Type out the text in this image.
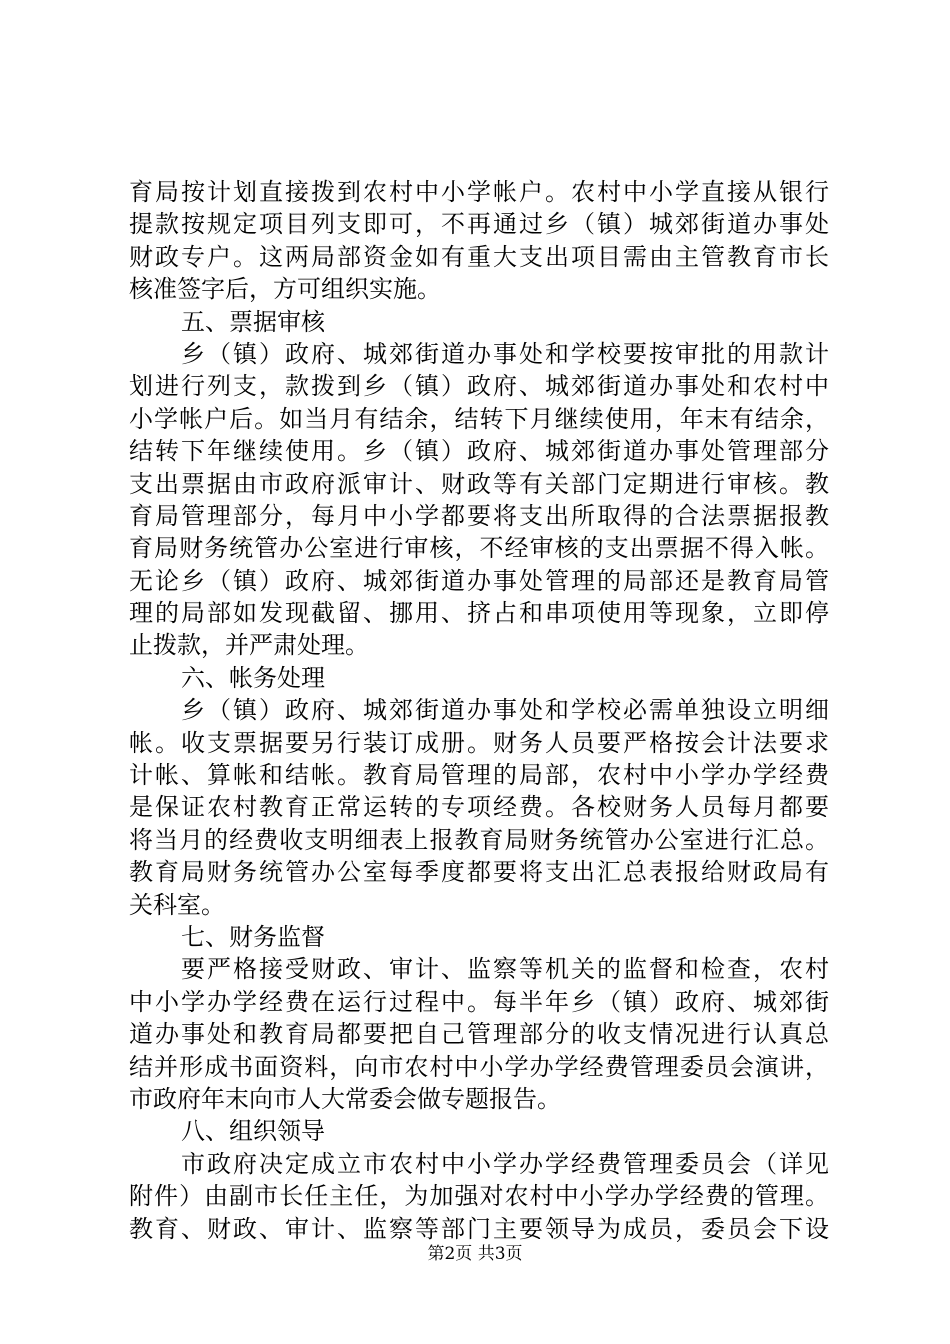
育局按计划直接拨到农村中小学帐户。农村中小学直接从银行
提款按规定项目列支即可，不再通过乡（镇）城郊街道办事处
财政专户。这两局部资金如有重大支出项目需由主管教育市长
核准签字后，方可组织实施。
五、票据审核
乡（镇）政府、城郊街道办事处和学校要按审批的用款计
划进行列支，款拨到乡（镇）政府、城郊街道办事处和农村中
小学帐户后。如当月有结余，结转下月继续使用，年末有结余，
结转下年继续使用。乡（镇）政府、城郊街道办事处管理部分
支出票据由市政府派审计、财政等有关部门定期进行审核。教
育局管理部分，每月中小学都要将支出所取得的合法票据报教
育局财务统管办公室进行审核，不经审核的支出票据不得入帐。
无论乡（镇）政府、城郊街道办事处管理的局部还是教育局管
理的局部如发现截留、挪用、挤占和串项使用等现象，立即停
止拨款，并严肃处理。
六、帐务处理
乡（镇）政府、城郊街道办事处和学校必需单独设立明细
帐。收支票据要另行装订成册。财务人员要严格按会计法要求
计帐、算帐和结帐。教育局管理的局部，农村中小学办学经费
是保证农村教育正常运转的专项经费。各校财务人员每月都要
将当月的经费收支明细表上报教育局财务统管办公室进行汇总。
教育局财务统管办公室每季度都要将支出汇总表报给财政局有
关科室。
七、财务监督
要严格接受财政、审计、监察等机关的监督和检查，农村
中小学办学经费在运行过程中。每半年乡（镇）政府、城郊街
道办事处和教育局都要把自己管理部分的收支情况进行认真总
结并形成书面资料，向市农村中小学办学经费管理委员会演讲，
市政府年末向市人大常委会做专题报告。
八、组织领导
市政府决定成立市农村中小学办学经费管理委员会（详见
附件）由副市长任主任，为加强对农村中小学办学经费的管理。
教育、财政、审计、监察等部门主要领导为成员，委员会下设
第2页 共3页
